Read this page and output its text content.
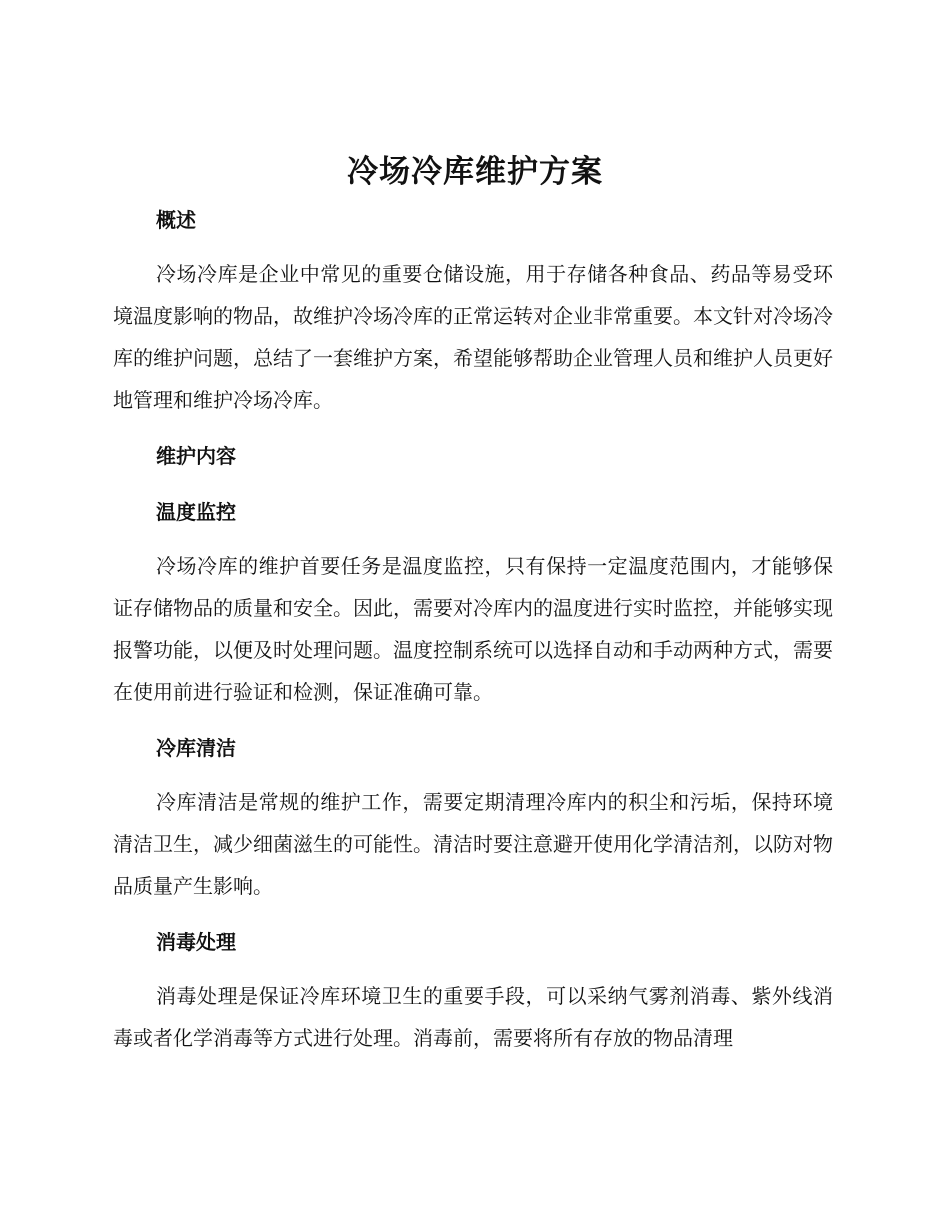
冷场冷库维护方案
概述

冷场冷库是企业中常见的重要仓储设施，用于存储各种食品、药品等易受环境温度影响的物品，故维护冷场冷库的正常运转对企业非常重要。本文针对冷场冷库的维护问题，总结了一套维护方案，希望能够帮助企业管理人员和维护人员更好地管理和维护冷场冷库。

维护内容
温度监控

冷场冷库的维护首要任务是温度监控，只有保持一定温度范围内，才能够保证存储物品的质量和安全。因此，需要对冷库内的温度进行实时监控，并能够实现报警功能，以便及时处理问题。温度控制系统可以选择自动和手动两种方式，需要在使用前进行验证和检测，保证准确可靠。

冷库清洁

冷库清洁是常规的维护工作，需要定期清理冷库内的积尘和污垢，保持环境清洁卫生，减少细菌滋生的可能性。清洁时要注意避开使用化学清洁剂，以防对物品质量产生影响。

消毒处理

消毒处理是保证冷库环境卫生的重要手段，可以采纳气雾剂消毒、紫外线消毒或者化学消毒等方式进行处理。消毒前，需要将所有存放的物品清理
